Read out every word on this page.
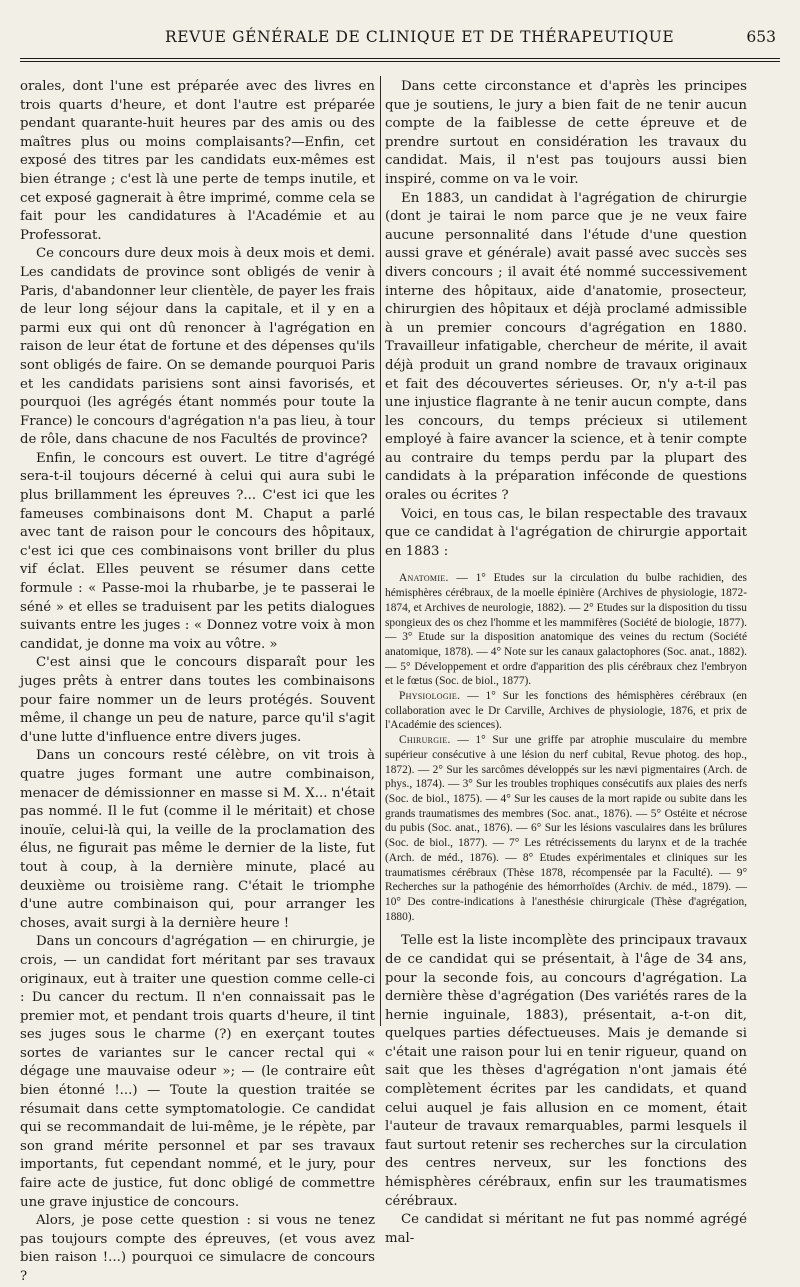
REVUE GÉNÉRALE DE CLINIQUE ET DE THÉRAPEUTIQUE	653

orales, dont l'une est préparée avec des livres en trois quarts d'heure, et dont l'autre est préparée pendant quarante-huit heures par des amis ou des maîtres plus ou moins complaisants?—Enfin, cet exposé des titres par les candidats eux-mêmes est bien étrange ; c'est là une perte de temps inutile, et cet exposé gagnerait à être imprimé, comme cela se fait pour les candidatures à l'Académie et au Professorat.

Ce concours dure deux mois à deux mois et demi. Les candidats de province sont obligés de venir à Paris, d'abandonner leur clientèle, de payer les frais de leur long séjour dans la capitale, et il y en a parmi eux qui ont dû renoncer à l'agrégation en raison de leur état de fortune et des dépenses qu'ils sont obligés de faire. On se demande pourquoi Paris et les candidats parisiens sont ainsi favorisés, et pourquoi (les agrégés étant nommés pour toute la France) le concours d'agrégation n'a pas lieu, à tour de rôle, dans chacune de nos Facultés de province?

Enfin, le concours est ouvert. Le titre d'agrégé sera-t-il toujours décerné à celui qui aura subi le plus brillamment les épreuves ?... C'est ici que les fameuses combinaisons dont M. Chaput a parlé avec tant de raison pour le concours des hôpitaux, c'est ici que ces combinaisons vont briller du plus vif éclat. Elles peuvent se résumer dans cette formule : « Passe-moi la rhubarbe, je te passerai le séné » et elles se traduisent par les petits dialogues suivants entre les juges : « Donnez votre voix à mon candidat, je donne ma voix au vôtre. »

C'est ainsi que le concours disparaît pour les juges prêts à entrer dans toutes les combinaisons pour faire nommer un de leurs protégés. Souvent même, il change un peu de nature, parce qu'il s'agit d'une lutte d'influence entre divers juges.

Dans un concours resté célèbre, on vit trois à quatre juges formant une autre combinaison, menacer de démissionner en masse si M. X... n'était pas nommé. Il le fut (comme il le méritait) et chose inouïe, celui-là qui, la veille de la proclamation des élus, ne figurait pas même le dernier de la liste, fut tout à coup, à la dernière minute, placé au deuxième ou troisième rang. C'était le triomphe d'une autre combinaison qui, pour arranger les choses, avait surgi à la dernière heure !

Dans un concours d'agrégation — en chirurgie, je crois, — un candidat fort méritant par ses travaux originaux, eut à traiter une question comme celle-ci : Du cancer du rectum. Il n'en connaissait pas le premier mot, et pendant trois quarts d'heure, il tint ses juges sous le charme (?) en exerçant toutes sortes de variantes sur le cancer rectal qui « dégage une mauvaise odeur »; — (le contraire eût bien étonné !...) — Toute la question traitée se résumait dans cette symptomatologie. Ce candidat qui se recommandait de lui-même, je le répète, par son grand mérite personnel et par ses travaux importants, fut cependant nommé, et le jury, pour faire acte de justice, fut donc obligé de commettre une grave injustice de concours.

Alors, je pose cette question : si vous ne tenez pas toujours compte des épreuves, (et vous avez bien raison !...) pourquoi ce simulacre de concours ?

Dans cette circonstance et d'après les principes que je soutiens, le jury a bien fait de ne tenir aucun compte de la faiblesse de cette épreuve et de prendre surtout en considération les travaux du candidat. Mais, il n'est pas toujours aussi bien inspiré, comme on va le voir.

En 1883, un candidat à l'agrégation de chirurgie (dont je tairai le nom parce que je ne veux faire aucune personnalité dans l'étude d'une question aussi grave et générale) avait passé avec succès ses divers concours ; il avait été nommé successivement interne des hôpitaux, aide d'anatomie, prosecteur, chirurgien des hôpitaux et déjà proclamé admissible à un premier concours d'agrégation en 1880. Travailleur infatigable, chercheur de mérite, il avait déjà produit un grand nombre de travaux originaux et fait des découvertes sérieuses. Or, n'y a-t-il pas une injustice flagrante à ne tenir aucun compte, dans les concours, du temps précieux si utilement employé à faire avancer la science, et à tenir compte au contraire du temps perdu par la plupart des candidats à la préparation inféconde de questions orales ou écrites ?

Voici, en tous cas, le bilan respectable des travaux que ce candidat à l'agrégation de chirurgie apportait en 1883 :

Anatomie. — 1° Etudes sur la circulation du bulbe rachidien, des hémisphères cérébraux, de la moelle épinière (Archives de physiologie, 1872-1874, et Archives de neurologie, 1882). — 2° Etudes sur la disposition du tissu spongieux des os chez l'homme et les mammifères (Société de biologie, 1877). — 3° Etude sur la disposition anatomique des veines du rectum (Société anatomique, 1878). — 4° Note sur les canaux galactophores (Soc. anat., 1882). — 5° Développement et ordre d'apparition des plis cérébraux chez l'embryon et le fœtus (Soc. de biol., 1877).

Physiologie. — 1° Sur les fonctions des hémisphères cérébraux (en collaboration avec le Dr Carville, Archives de physiologie, 1876, et prix de l'Académie des sciences).

Chirurgie. — 1° Sur une griffe par atrophie musculaire du membre supérieur consécutive à une lésion du nerf cubital, Revue photog. des hop., 1872). — 2° Sur les sarcômes développés sur les nævi pigmentaires (Arch. de phys., 1874). — 3° Sur les troubles trophiques consécutifs aux plaies des nerfs (Soc. de biol., 1875). — 4° Sur les causes de la mort rapide ou subite dans les grands traumatismes des membres (Soc. anat., 1876). — 5° Ostéite et nécrose du pubis (Soc. anat., 1876). — 6° Sur les lésions vasculaires dans les brûlures (Soc. de biol., 1877). — 7° Les rétrécissements du larynx et de la trachée (Arch. de méd., 1876). — 8° Etudes expérimentales et cliniques sur les traumatismes cérébraux (Thèse 1878, récompensée par la Faculté). — 9° Recherches sur la pathogénie des hémorrhoïdes (Archiv. de méd., 1879). — 10° Des contre-indications à l'anesthésie chirurgicale (Thèse d'agrégation, 1880).

Telle est la liste incomplète des principaux travaux de ce candidat qui se présentait, à l'âge de 34 ans, pour la seconde fois, au concours d'agrégation. La dernière thèse d'agrégation (Des variétés rares de la hernie inguinale, 1883), présentait, a-t-on dit, quelques parties défectueuses. Mais je demande si c'était une raison pour lui en tenir rigueur, quand on sait que les thèses d'agrégation n'ont jamais été complètement écrites par les candidats, et quand celui auquel je fais allusion en ce moment, était l'auteur de travaux remarquables, parmi lesquels il faut surtout retenir ses recherches sur la circulation des centres nerveux, sur les fonctions des hémisphères cérébraux, enfin sur les traumatismes cérébraux.

Ce candidat si méritant ne fut pas nommé agrégé mal-
